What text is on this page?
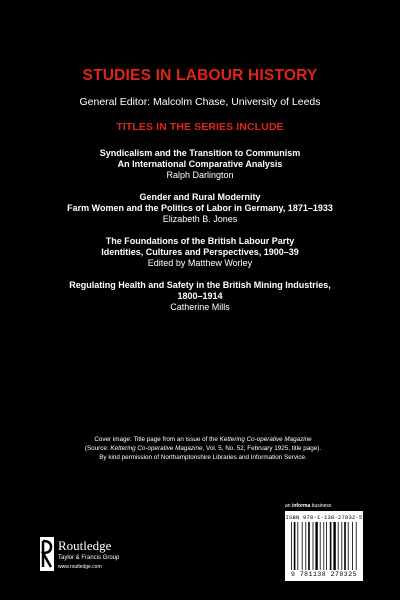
STUDIES IN LABOUR HISTORY
General Editor: Malcolm Chase, University of Leeds
TITLES IN THE SERIES INCLUDE
Syndicalism and the Transition to Communism
An International Comparative Analysis
Ralph Darlington
Gender and Rural Modernity
Farm Women and the Politics of Labor in Germany, 1871–1933
Elizabeth B. Jones
The Foundations of the British Labour Party
Identities, Cultures and Perspectives, 1900–39
Edited by Matthew Worley
Regulating Health and Safety in the British Mining Industries,
1800–1914
Catherine Mills
Cover image: Title page from an issue of the Kettering Co-operative Magazine
(Source: Kettering Co-operative Magazine, Vol. 5, No. 52, February 1925, title page).
By kind permission of Northamptonshire Libraries and Information Service.
an informa business
Routledge
Taylor & Francis Group
www.routledge.com
ISBN 978-1-138-27832-5
9 781138 278325
